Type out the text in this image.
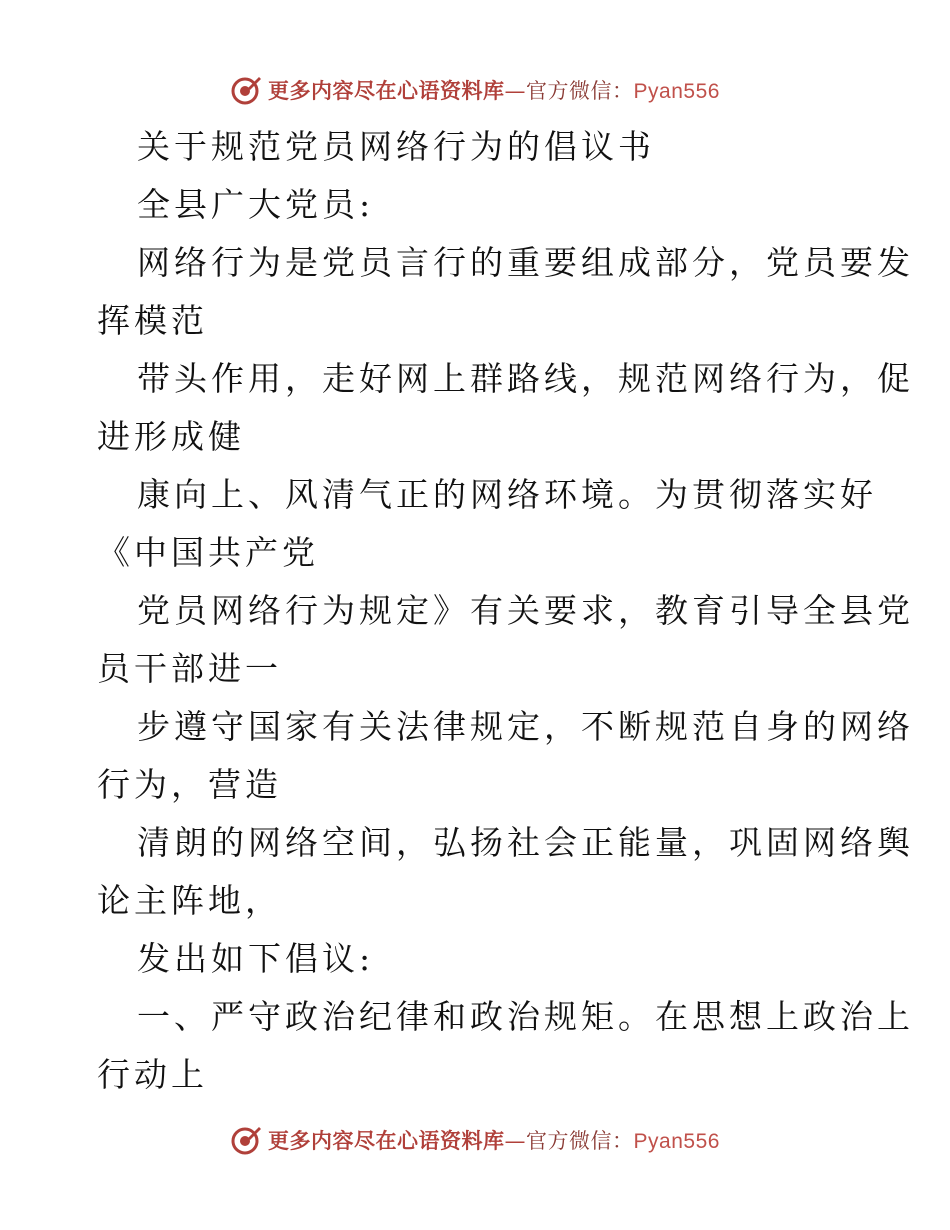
更多内容尽在心语资料库—官方微信：Pyan556
关于规范党员网络行为的倡议书
全县广大党员:
网络行为是党员言行的重要组成部分，党员要发
挥模范
带头作用，走好网上群路线，规范网络行为，促
进形成健
康向上、风清气正的网络环境。为贯彻落实好
《中国共产党
党员网络行为规定》有关要求，教育引导全县党
员干部进一
步遵守国家有关法律规定，不断规范自身的网络
行为，营造
清朗的网络空间，弘扬社会正能量，巩固网络舆
论主阵地，
发出如下倡议:
一、严守政治纪律和政治规矩。在思想上政治上
行动上
更多内容尽在心语资料库—官方微信：Pyan556
